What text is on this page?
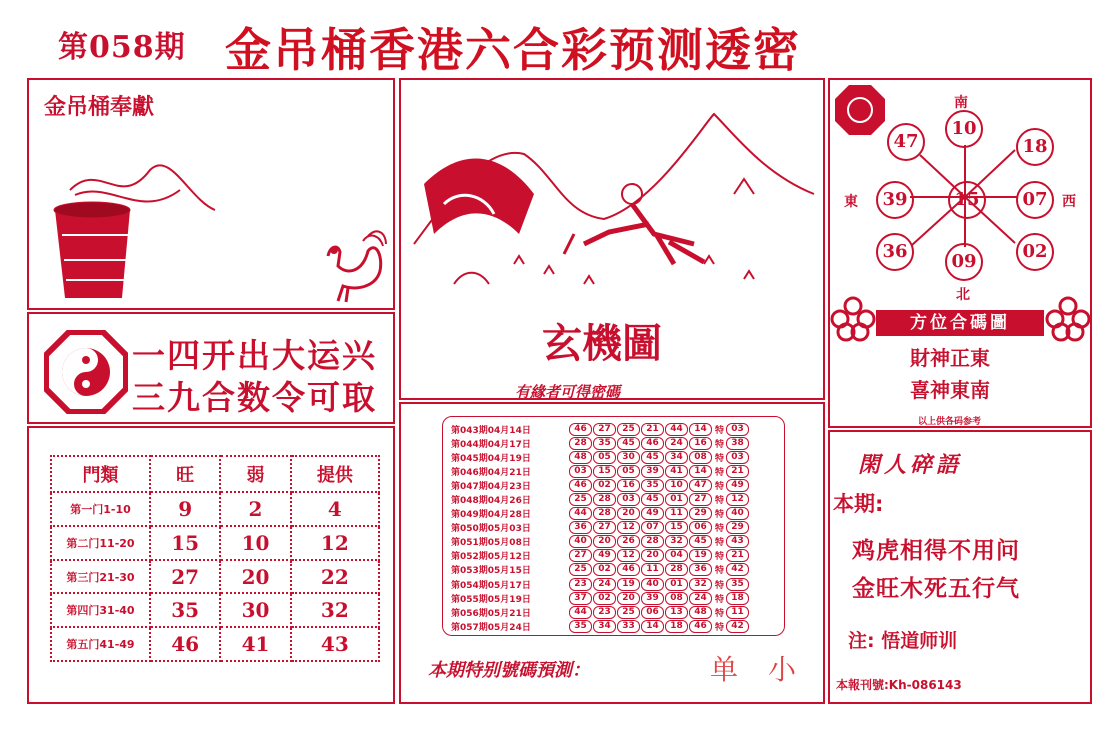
第058期 金吊桶香港六合彩预测透密
金吊桶奉獻
一四开出大运兴
三九合数令可取
門類	旺	弱	提供
第一门1-10	9	2	4
第二门11-20	15	10	12
第三门21-30	27	20	22
第四门31-40	35	30	32
第五门41-49	46	41	43
玄機圖
有緣者可得密碼
第043期04月14日	46	27	25	21	44	14 特 03
第044期04月17日	28	35	45	46	24	16 特 38
第045期04月19日	48	05	30	45	34	08 特 03
第046期04月21日	03	15	05	39	41	14 特 21
第047期04月23日	46	02	16	35	10	47 特 49
第048期04月26日	25	28	03	45	01	27 特 12
第049期04月28日	44	28	20	49	11	29 特 40
第050期05月03日	36	27	12	07	15	06 特 29
第051期05月08日	40	20	26	28	32	45 特 43
第052期05月12日	27	49	12	20	04	19 特 21
第053期05月15日	25	02	46	11	28	36 特 42
第054期05月17日	23	24	19	40	01	32 特 35
第055期05月19日	37	02	20	39	08	24 特 18
第056期05月21日	44	23	25	06	13	48 特 11
第057期05月24日	35	34	33	14	18	46 特 42
本期特别號碼預測：	单小
南
北
東	西
15
10
18
07
02
09
36
39
47
方位合碼圖
財神正東
喜神東南
以上供各码参考
閑人碎語
本期:
鸡虎相得不用问
金旺木死五行气
注: 悟道师训
本報刊號:Kh-086143
